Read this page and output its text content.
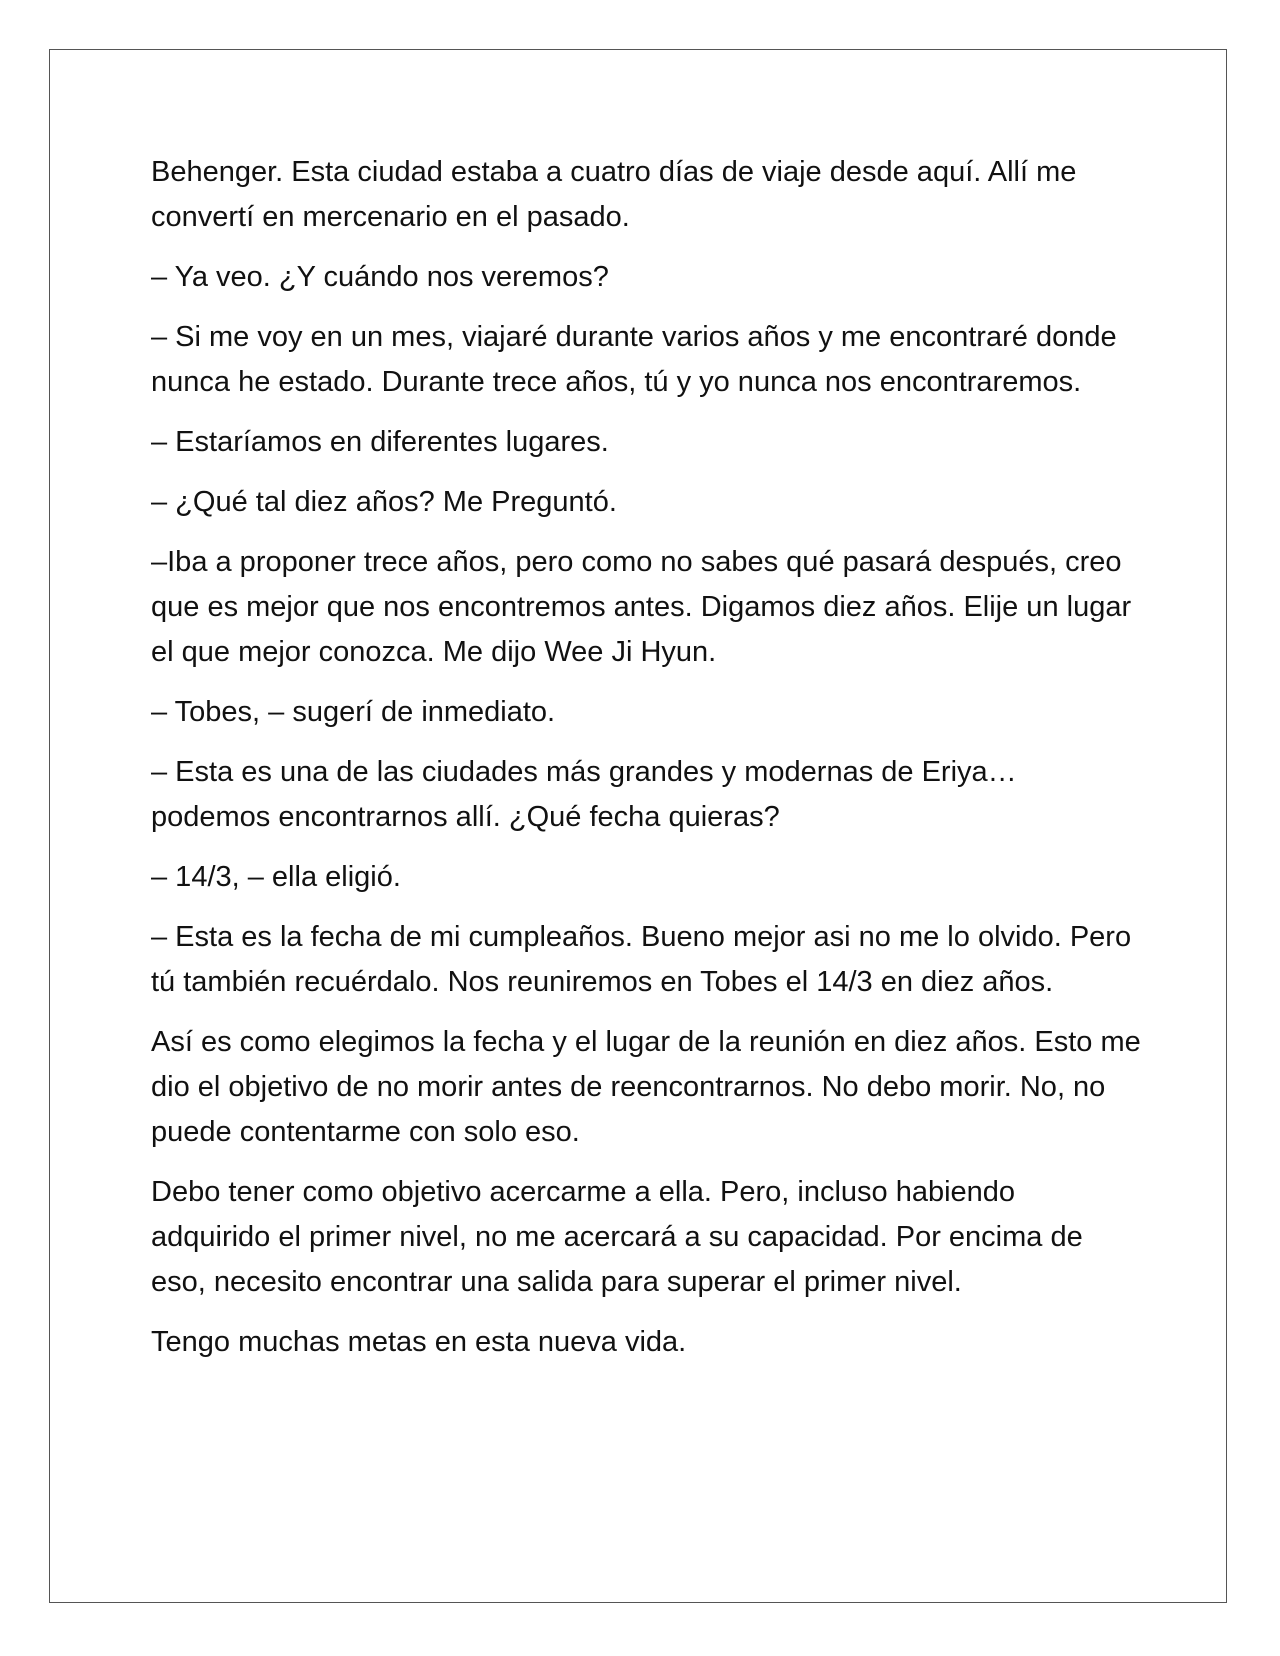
Behenger. Esta ciudad estaba a cuatro días de viaje desde aquí. Allí me convertí en mercenario en el pasado.

– Ya veo. ¿Y cuándo nos veremos?

– Si me voy en un mes, viajaré durante varios años y me encontraré donde nunca he estado. Durante trece años, tú y yo nunca nos encontraremos.

– Estaríamos en diferentes lugares.

– ¿Qué tal diez años? Me Preguntó.

–Iba a proponer trece años, pero como no sabes qué pasará después, creo que es mejor que nos encontremos antes. Digamos diez años. Elije un lugar el que mejor conozca. Me dijo Wee Ji Hyun.

– Tobes, – sugerí de inmediato.

– Esta es una de las ciudades más grandes y modernas de Eriya… podemos encontrarnos allí. ¿Qué fecha quieras?

– 14/3, – ella eligió.

– Esta es la fecha de mi cumpleaños. Bueno mejor asi no me lo olvido. Pero tú también recuérdalo. Nos reuniremos en Tobes el 14/3 en diez años.

Así es como elegimos la fecha y el lugar de la reunión en diez años. Esto me dio el objetivo de no morir antes de reencontrarnos. No debo morir. No, no puede contentarme con solo eso.

Debo tener como objetivo acercarme a ella. Pero, incluso habiendo adquirido el primer nivel, no me acercará a su capacidad. Por encima de eso, necesito encontrar una salida para superar el primer nivel.

Tengo muchas metas en esta nueva vida.
